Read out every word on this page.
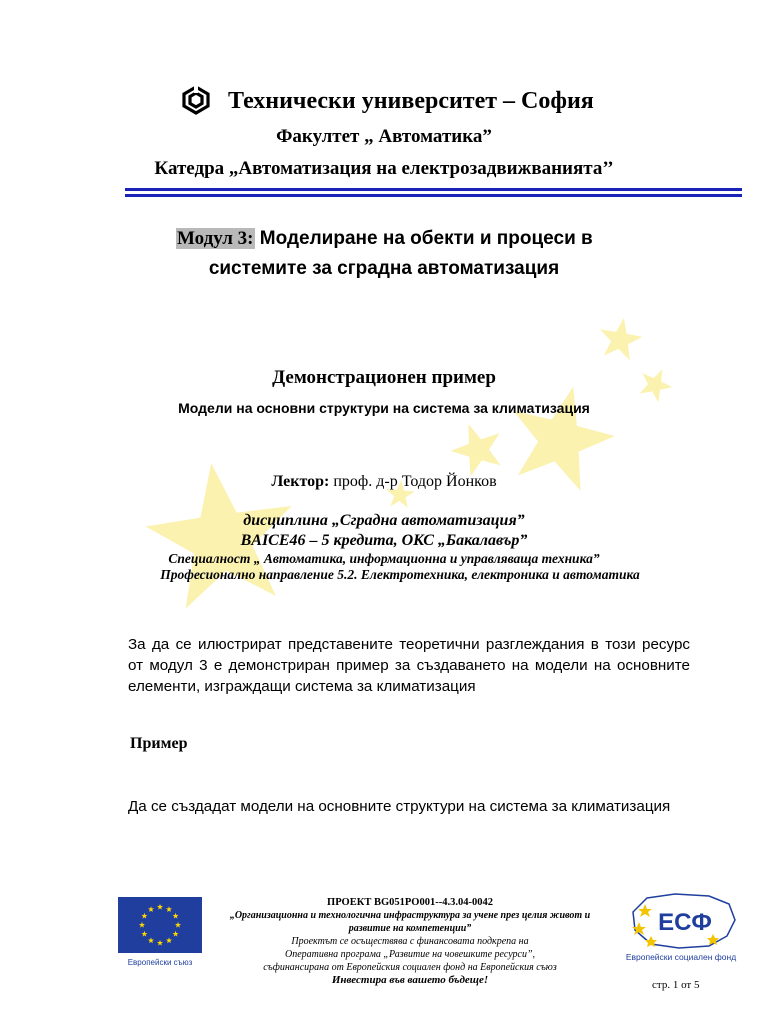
Технически университет – София
Факултет „ Автоматика”
Катедра „Автоматизация на електрозадвижванията’’
Модул 3: Моделиране на обекти и процеси в
системите за сградна автоматизация
Демонстрационен пример
Модели на основни структури на система за климатизация
Лектор: проф. д-р Тодор Йонков
дисциплина „Сградна автоматизация”
BAICE46 – 5 кредита, ОКС „Бакалавър”
Специалност „ Автоматика, информационна и управляваща техника”
Професионално направление 5.2. Електротехника, електроника и автоматика
За да се илюстрират представените теоретични разглеждания в този ресурс от модул 3 е демонстриран пример за създаването на модели на основните елементи, изграждащи система за климатизация
Пример
Да се създадат модели на основните структури на система за климатизация
Европейски съюз
ПРОЕКТ BG051PO001--4.3.04-0042
„Организационна и технологична инфраструктура за учене през целия живот и развитие на компетенции”
Проектът се осъществява с финансовата подкрепа на
Оперативна програма „Развитие на човешките ресурси”,
съфинансирана от Европейския социален фонд на Европейския съюз
Инвестира във вашето бъдеще!
ЕСФ
Европейски социален фонд
стр. 1 от 5
